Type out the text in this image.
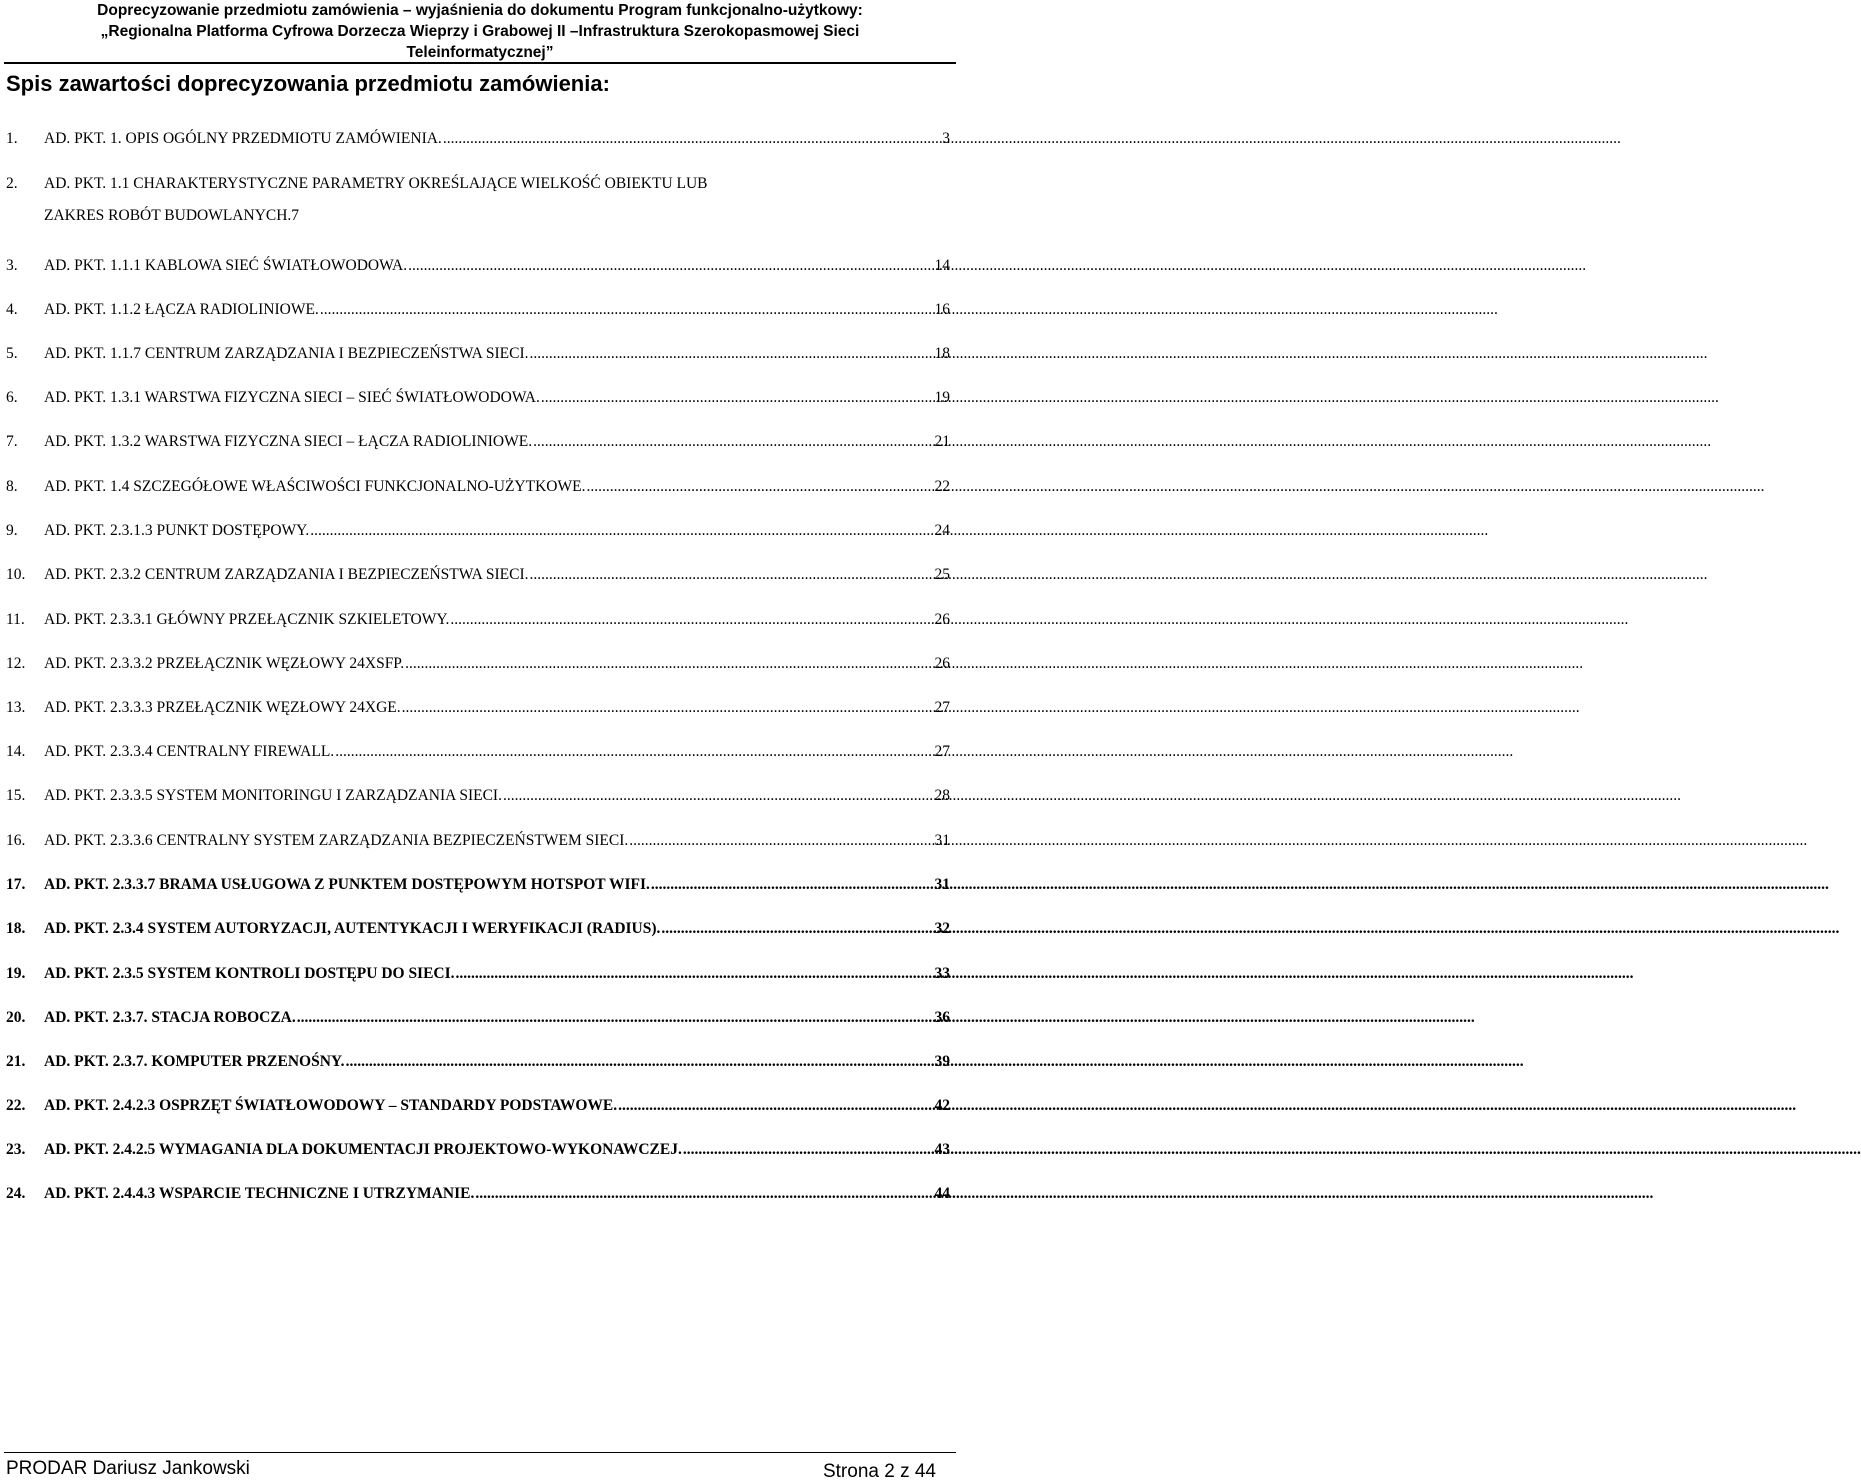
Doprecyzowanie przedmiotu zamówienia – wyjaśnienia do dokumentu Program funkcjonalno-użytkowy:
„Regionalna Platforma Cyfrowa Dorzecza Wieprzy i Grabowej II –Infrastruktura Szerokopasmowej Sieci
Teleinformatycznej”
Spis zawartości doprecyzowania przedmiotu zamówienia:
1.	AD. PKT. 1. OPIS OGÓLNY PRZEDMIOTU ZAMÓWIENIA. .....	3
2.	AD. PKT. 1.1 CHARAKTERYSTYCZNE PARAMETRY OKREŚLAJĄCE WIELKOŚĆ OBIEKTU LUB
ZAKRES ROBÓT BUDOWLANYCH. 7
3.	AD. PKT. 1.1.1 KABLOWA SIEĆ ŚWIATŁOWODOWA. .....	14
4.	AD. PKT. 1.1.2 ŁĄCZA RADIOLINIOWE. .....	16
5.	AD. PKT. 1.1.7 CENTRUM ZARZĄDZANIA I BEZPIECZEŃSTWA SIECI. .....	18
6.	AD. PKT. 1.3.1 WARSTWA FIZYCZNA SIECI – SIEĆ ŚWIATŁOWODOWA. .....	19
7.	AD. PKT. 1.3.2 WARSTWA FIZYCZNA SIECI – ŁĄCZA RADIOLINIOWE. .....	21
8.	AD. PKT. 1.4 SZCZEGÓŁOWE WŁAŚCIWOŚCI FUNKCJONALNO-UŻYTKOWE. .....	22
9.	AD. PKT. 2.3.1.3 PUNKT DOSTĘPOWY. .....	24
10.	AD. PKT. 2.3.2 CENTRUM ZARZĄDZANIA I BEZPIECZEŃSTWA SIECI. .....	25
11.	AD. PKT. 2.3.3.1 GŁÓWNY PRZEŁĄCZNIK SZKIELETOWY. .....	26
12.	AD. PKT. 2.3.3.2 PRZEŁĄCZNIK WĘZŁOWY 24XSFP. .....	26
13.	AD. PKT. 2.3.3.3 PRZEŁĄCZNIK WĘZŁOWY 24XGE. .....	27
14.	AD. PKT. 2.3.3.4 CENTRALNY FIREWALL. .....	27
15.	AD. PKT. 2.3.3.5 SYSTEM MONITORINGU I ZARZĄDZANIA SIECI. .....	28
16.	AD. PKT. 2.3.3.6 CENTRALNY SYSTEM ZARZĄDZANIA BEZPIECZEŃSTWEM SIECI. .....	31
17.	AD. PKT. 2.3.3.7 BRAMA USŁUGOWA Z PUNKTEM DOSTĘPOWYM HOTSPOT WIFI. .....	31
18.	AD. PKT. 2.3.4 SYSTEM AUTORYZACJI, AUTENTYKACJI I WERYFIKACJI (RADIUS). .....	32
19.	AD. PKT. 2.3.5 SYSTEM KONTROLI DOSTĘPU DO SIECI. .....	33
20.	AD. PKT. 2.3.7. STACJA ROBOCZA. .....	36
21.	AD. PKT. 2.3.7. KOMPUTER PRZENOŚNY. .....	39
22.	AD. PKT. 2.4.2.3 OSPRZĘT ŚWIATŁOWODOWY – STANDARDY PODSTAWOWE. .....	42
23.	AD. PKT. 2.4.2.5 WYMAGANIA DLA DOKUMENTACJI PROJEKTOWO-WYKONAWCZEJ. .....	43
24.	AD. PKT. 2.4.4.3 WSPARCIE TECHNICZNE I UTRZYMANIE. .....	44
PRODAR Dariusz Jankowski	Strona 2 z 44
